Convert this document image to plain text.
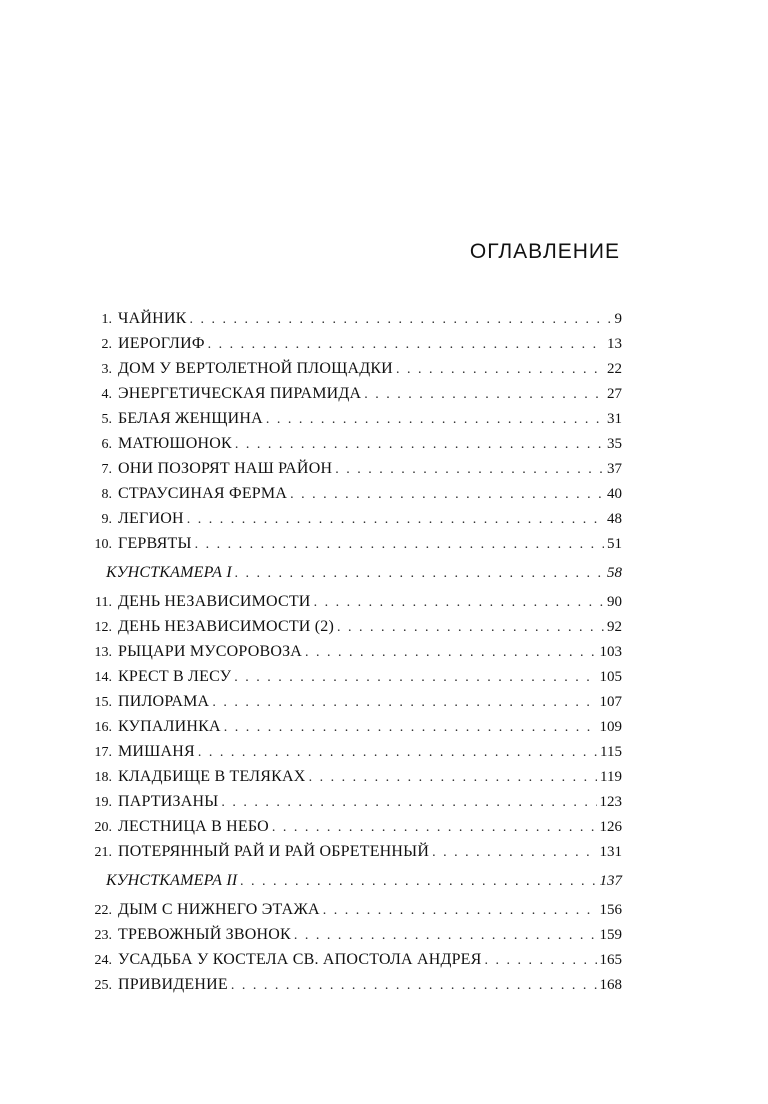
ОГЛАВЛЕНИЕ
1. ЧАЙНИК . . .	9
2. ИЕРОГЛИФ . . .	13
3. ДОМ У ВЕРТОЛЕТНОЙ ПЛОЩАДКИ . . .	22
4. ЭНЕРГЕТИЧЕСКАЯ ПИРАМИДА . . .	27
5. БЕЛАЯ ЖЕНЩИНА . . .	31
6. МАТЮШОНОК . . .	35
7. ОНИ ПОЗОРЯТ НАШ РАЙОН . . .	37
8. СТРАУСИНАЯ ФЕРМА . . .	40
9. ЛЕГИОН . . .	48
10. ГЕРВЯТЫ . . .	51
КУНСТКАМЕРА I . . .	58
11. ДЕНЬ НЕЗАВИСИМОСТИ . . .	90
12. ДЕНЬ НЕЗАВИСИМОСТИ (2) . . .	92
13. РЫЦАРИ МУСОРОВОЗА . . .	103
14. КРЕСТ В ЛЕСУ . . .	105
15. ПИЛОРАМА . . .	107
16. КУПАЛИНКА . . .	109
17. МИШАНЯ . . .	115
18. КЛАДБИЩЕ В ТЕЛЯКАХ . . .	119
19. ПАРТИЗАНЫ . . .	123
20. ЛЕСТНИЦА В НЕБО . . .	126
21. ПОТЕРЯННЫЙ РАЙ И РАЙ ОБРЕТЕННЫЙ . . .	131
КУНСТКАМЕРА II . . .	137
22. ДЫМ С НИЖНЕГО ЭТАЖА . . .	156
23. ТРЕВОЖНЫЙ ЗВОНОК . . .	159
24. УСАДЬБА У КОСТЕЛА СВ. АПОСТОЛА АНДРЕЯ . . .	165
25. ПРИВИДЕНИЕ . . .	168
